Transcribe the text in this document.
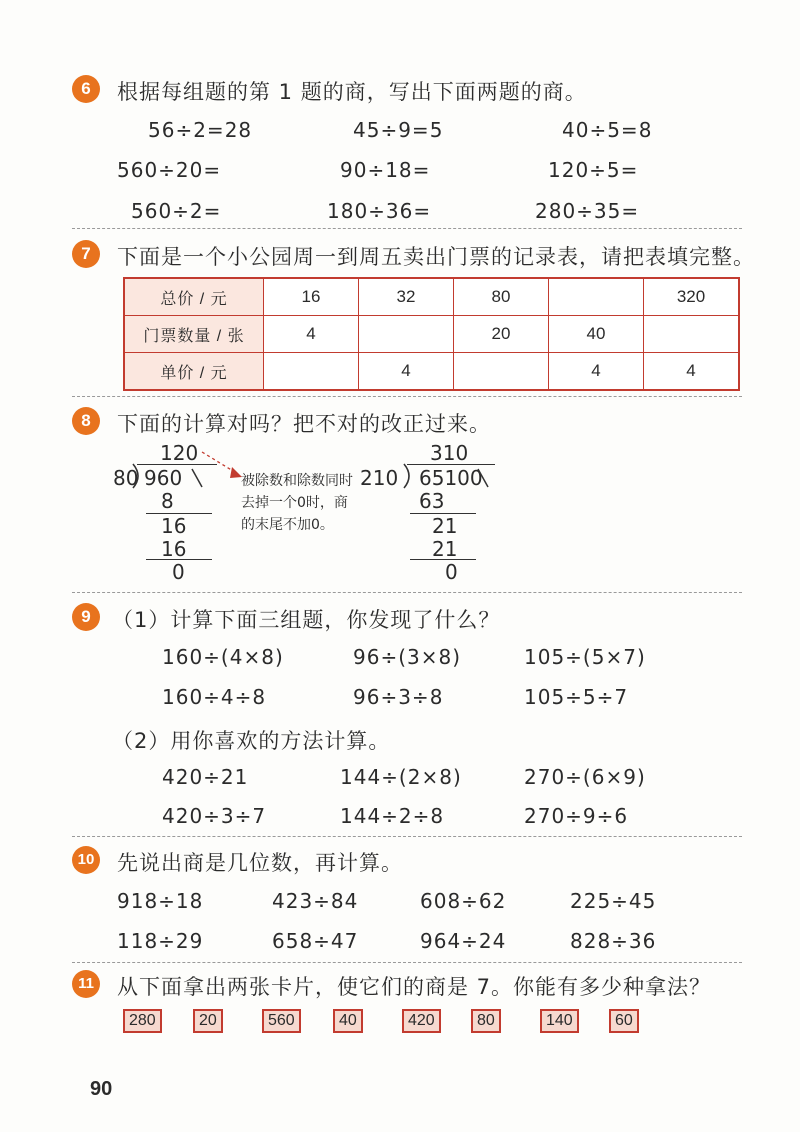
6	根据每组题的第 1 题的商，写出下面两题的商。
56÷2=28	45÷9=5	40÷5=8
560÷20=	90÷18=	120÷5=
560÷2=	180÷36=	280÷35=
7	下面是一个小公园周一到周五卖出门票的记录表，请把表填完整。
总价 / 元	16	32	80		320
门票数量 / 张	4		20	40	
单价 / 元		4		4	4
8	下面的计算对吗？把不对的改正过来。
120
80 960
8
16
16
0
被除数和除数同时去掉一个0时，商的末尾不加0。
310
210 65100
63
21
21
0
9	（1）计算下面三组题，你发现了什么？
160÷(4×8)	96÷(3×8)	105÷(5×7)
160÷4÷8	96÷3÷8	105÷5÷7
（2）用你喜欢的方法计算。
420÷21	144÷(2×8)	270÷(6×9)
420÷3÷7	144÷2÷8	270÷9÷6
10 先说出商是几位数，再计算。
918÷18	423÷84	608÷62	225÷45
118÷29	658÷47	964÷24	828÷36
11 从下面拿出两张卡片，使它们的商是 7。你能有多少种拿法？
280	20	560	40	420	80	140	60
90
